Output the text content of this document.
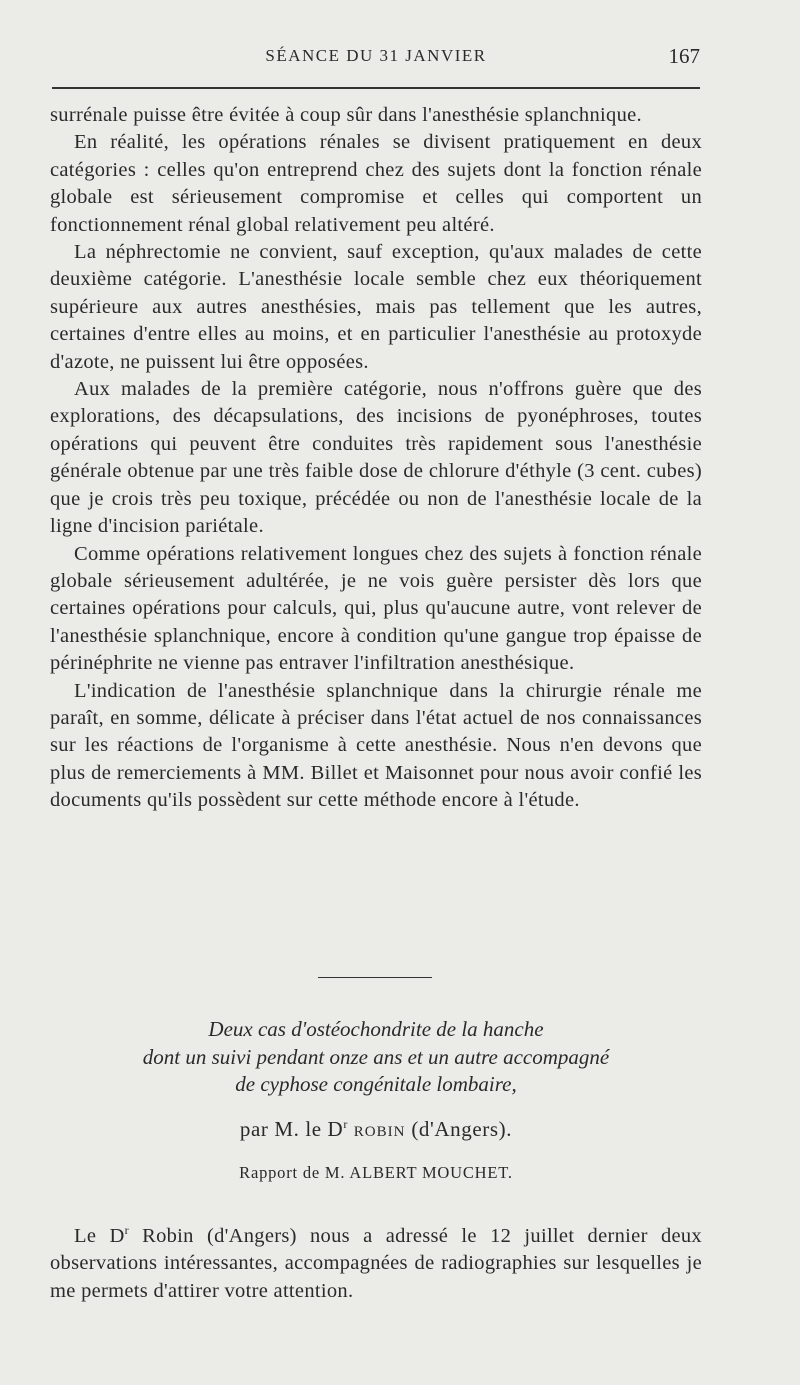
SÉANCE DU 31 JANVIER	167

surrénale puisse être évitée à coup sûr dans l'anesthésie splanchnique.

En réalité, les opérations rénales se divisent pratiquement en deux catégories : celles qu'on entreprend chez des sujets dont la fonction rénale globale est sérieusement compromise et celles qui comportent un fonctionnement rénal global relativement peu altéré.

La néphrectomie ne convient, sauf exception, qu'aux malades de cette deuxième catégorie. L'anesthésie locale semble chez eux théoriquement supérieure aux autres anesthésies, mais pas tellement que les autres, certaines d'entre elles au moins, et en particulier l'anesthésie au protoxyde d'azote, ne puissent lui être opposées.

Aux malades de la première catégorie, nous n'offrons guère que des explorations, des décapsulations, des incisions de pyonéphroses, toutes opérations qui peuvent être conduites très rapidement sous l'anesthésie générale obtenue par une très faible dose de chlorure d'éthyle (3 cent. cubes) que je crois très peu toxique, précédée ou non de l'anesthésie locale de la ligne d'incision pariétale.

Comme opérations relativement longues chez des sujets à fonction rénale globale sérieusement adultérée, je ne vois guère persister dès lors que certaines opérations pour calculs, qui, plus qu'aucune autre, vont relever de l'anesthésie splanchnique, encore à condition qu'une gangue trop épaisse de périnéphrite ne vienne pas entraver l'infiltration anesthésique.

L'indication de l'anesthésie splanchnique dans la chirurgie rénale me paraît, en somme, délicate à préciser dans l'état actuel de nos connaissances sur les réactions de l'organisme à cette anesthésie. Nous n'en devons que plus de remerciements à MM. Billet et Maisonnet pour nous avoir confié les documents qu'ils possèdent sur cette méthode encore à l'étude.

Deux cas d'ostéochondrite de la hanche
dont un suivi pendant onze ans et un autre accompagné
de cyphose congénitale lombaire,
par M. le $D^r$ ROBIN (d'Angers).
Rapport de M. ALBERT MOUCHET.

Le $D^r$ Robin (d'Angers) nous a adressé le 12 juillet dernier deux observations intéressantes, accompagnées de radiographies sur lesquelles je me permets d'attirer votre attention.
